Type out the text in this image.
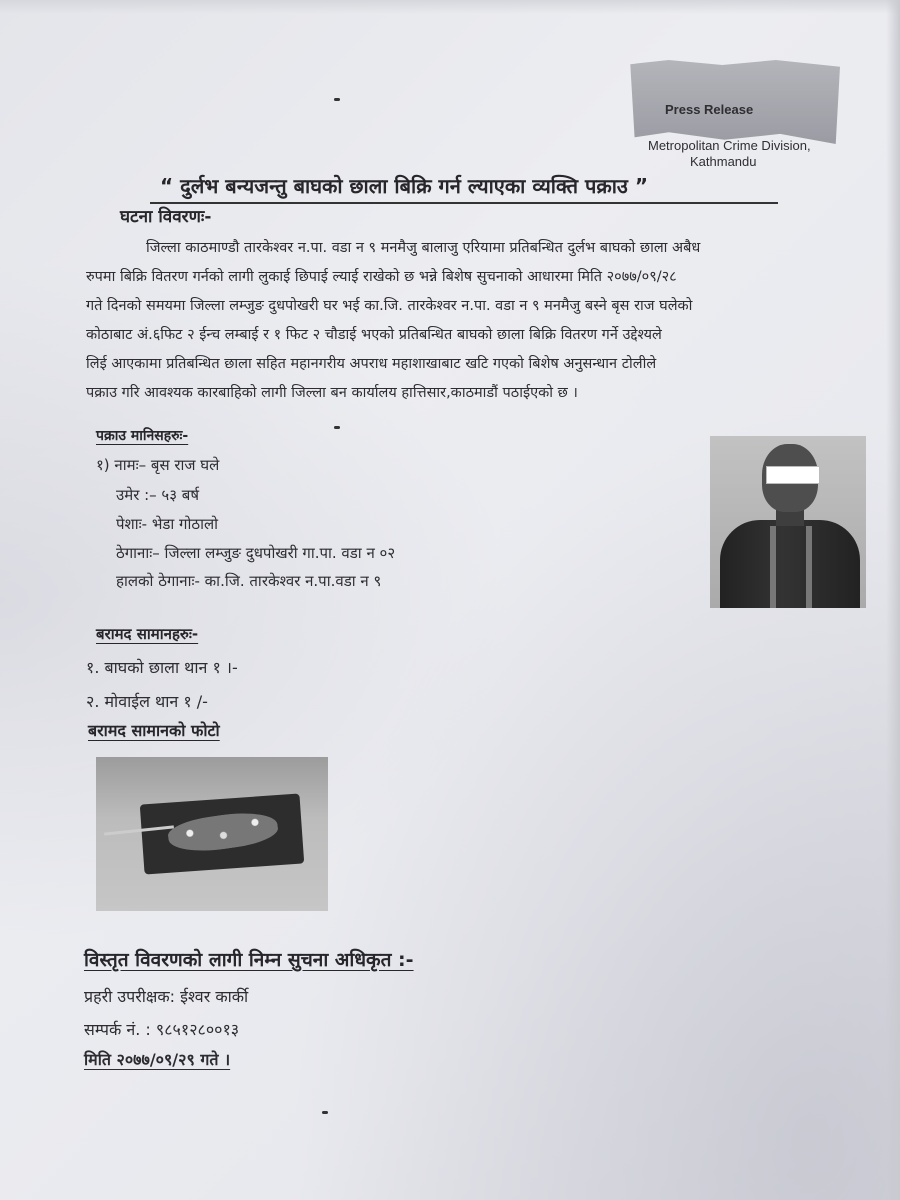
Press Release
Metropolitan Crime Division,
Kathmandu
“ दुर्लभ बन्यजन्तु बाघको छाला बिक्रि गर्न ल्याएका व्यक्ति पक्राउ ”
घटना विवरणः-
जिल्ला काठमाण्डौ तारकेश्वर न.पा. वडा न ९ मनमैजु बालाजु एरियामा प्रतिबन्धित दुर्लभ बाघको छाला अबैध
रुपमा बिक्रि वितरण गर्नको लागी लुकाई छिपाई ल्याई राखेको छ भन्ने बिशेष सुचनाको आधारमा मिति २०७७/०९/२८
गते दिनको समयमा जिल्ला लम्जुङ दुधपोखरी घर भई का.जि. तारकेश्वर न.पा. वडा न ९ मनमैजु बस्ने बृस राज घलेको
कोठाबाट अं.६फिट २ ईन्च लम्बाई र १ फिट २ चौडाई भएको प्रतिबन्धित बाघको छाला बिक्रि वितरण गर्ने उद्देश्यले
लिई आएकामा प्रतिबन्धित छाला सहित महानगरीय अपराध महाशाखाबाट खटि गएको बिशेष अनुसन्धान टोलीले
पक्राउ गरि आवश्यक कारबाहिको लागी जिल्ला बन कार्यालय हात्तिसार,काठमाडौं पठाईएको छ ।
पक्राउ मानिसहरुः-
१) नामः– बृस राज घले
उमेर :– ५३ बर्ष
पेशाः- भेडा गोठालो
ठेगानाः– जिल्ला लम्जुङ दुधपोखरी गा.पा. वडा न ०२
हालको ठेगानाः- का.जि. तारकेश्वर न.पा.वडा न ९
बरामद सामानहरुः-
१. बाघको छाला थान १ ।-
२. मोवाईल थान १ /-
बरामद सामानको फोटो
विस्तृत विवरणको लागी निम्न सुचना अधिकृत :-
प्रहरी उपरीक्षक: ईश्वर कार्की
सम्पर्क नं. : ९८५१२८००१३
मिति २०७७/०९/२९ गते ।
